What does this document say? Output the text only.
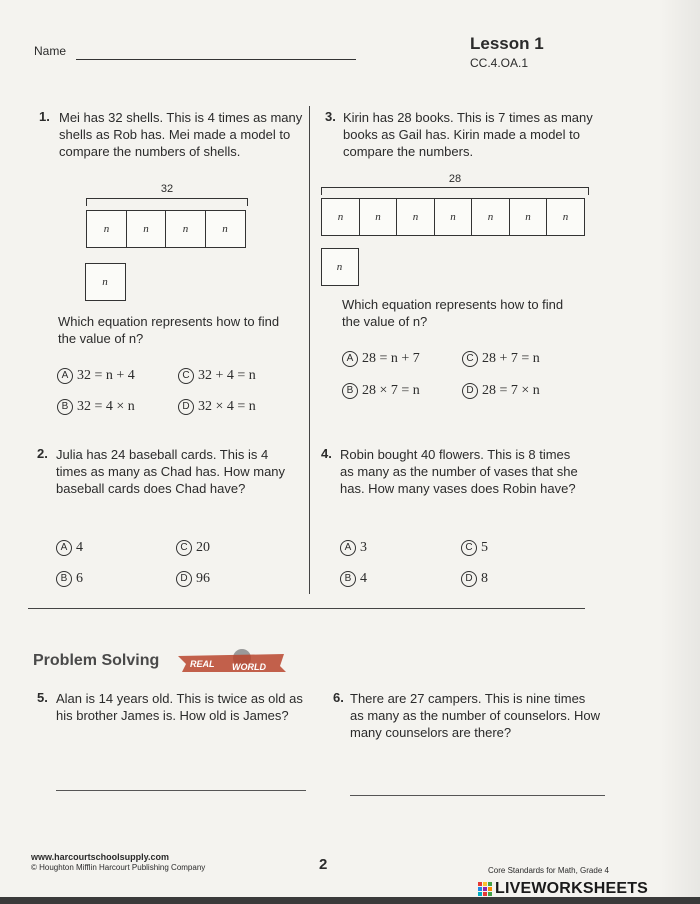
Name	Lesson 1
CC.4.OA.1
1. Mei has 32 shells. This is 4 times as many shells as Rob has. Mei made a model to compare the numbers of shells.
32
n	n	n	n
n
Which equation represents how to find the value of n?
A 32 = n + 4	C 32 + 4 = n
B 32 = 4 × n	D 32 × 4 = n
2. Julia has 24 baseball cards. This is 4 times as many as Chad has. How many baseball cards does Chad have?
A 4	C 20
B 6	D 96
3. Kirin has 28 books. This is 7 times as many books as Gail has. Kirin made a model to compare the numbers.
28
n	n	n	n	n	n	n
n
Which equation represents how to find the value of n?
A 28 = n + 7	C 28 + 7 = n
B 28 × 7 = n	D 28 = 7 × n
4. Robin bought 40 flowers. This is 8 times as many as the number of vases that she has. How many vases does Robin have?
A 3	C 5
B 4	D 8
Problem Solving	REAL WORLD
5. Alan is 14 years old. This is twice as old as his brother James is. How old is James?
6. There are 27 campers. This is nine times as many as the number of counselors. How many counselors are there?
www.harcourtschoolsupply.com
© Houghton Mifflin Harcourt Publishing Company	2	Core Standards for Math, Grade 4
LIVEWORKSHEETS
